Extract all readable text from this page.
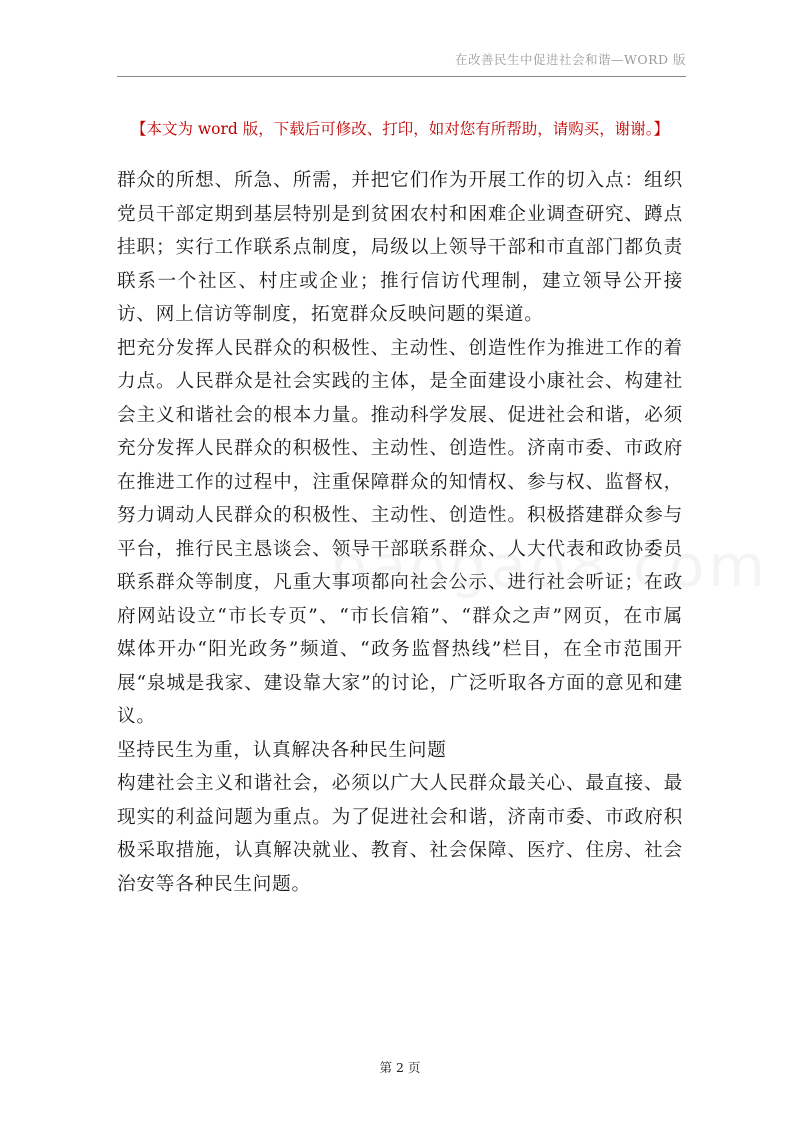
在改善民生中促进社会和谐—WORD 版
【本文为 word 版，下载后可修改、打印，如对您有所帮助，请购买，谢谢。】

群众的所想、所急、所需，并把它们作为开展工作的切入点：组织党员干部定期到基层特别是到贫困农村和困难企业调查研究、蹲点挂职；实行工作联系点制度，局级以上领导干部和市直部门都负责联系一个社区、村庄或企业；推行信访代理制，建立领导公开接访、网上信访等制度，拓宽群众反映问题的渠道。

把充分发挥人民群众的积极性、主动性、创造性作为推进工作的着力点。人民群众是社会实践的主体，是全面建设小康社会、构建社会主义和谐社会的根本力量。推动科学发展、促进社会和谐，必须充分发挥人民群众的积极性、主动性、创造性。济南市委、市政府在推进工作的过程中，注重保障群众的知情权、参与权、监督权，努力调动人民群众的积极性、主动性、创造性。积极搭建群众参与平台，推行民主恳谈会、领导干部联系群众、人大代表和政协委员联系群众等制度，凡重大事项都向社会公示、进行社会听证；在政府网站设立“市长专页”、“市长信箱”、“群众之声”网页，在市属媒体开办“阳光政务”频道、“政务监督热线”栏目，在全市范围开展“泉城是我家、建设靠大家”的讨论，广泛听取各方面的意见和建议。

坚持民生为重，认真解决各种民生问题

构建社会主义和谐社会，必须以广大人民群众最关心、最直接、最现实的利益问题为重点。为了促进社会和谐，济南市委、市政府积极采取措施，认真解决就业、教育、社会保障、医疗、住房、社会治安等各种民生问题。

第 2 页
